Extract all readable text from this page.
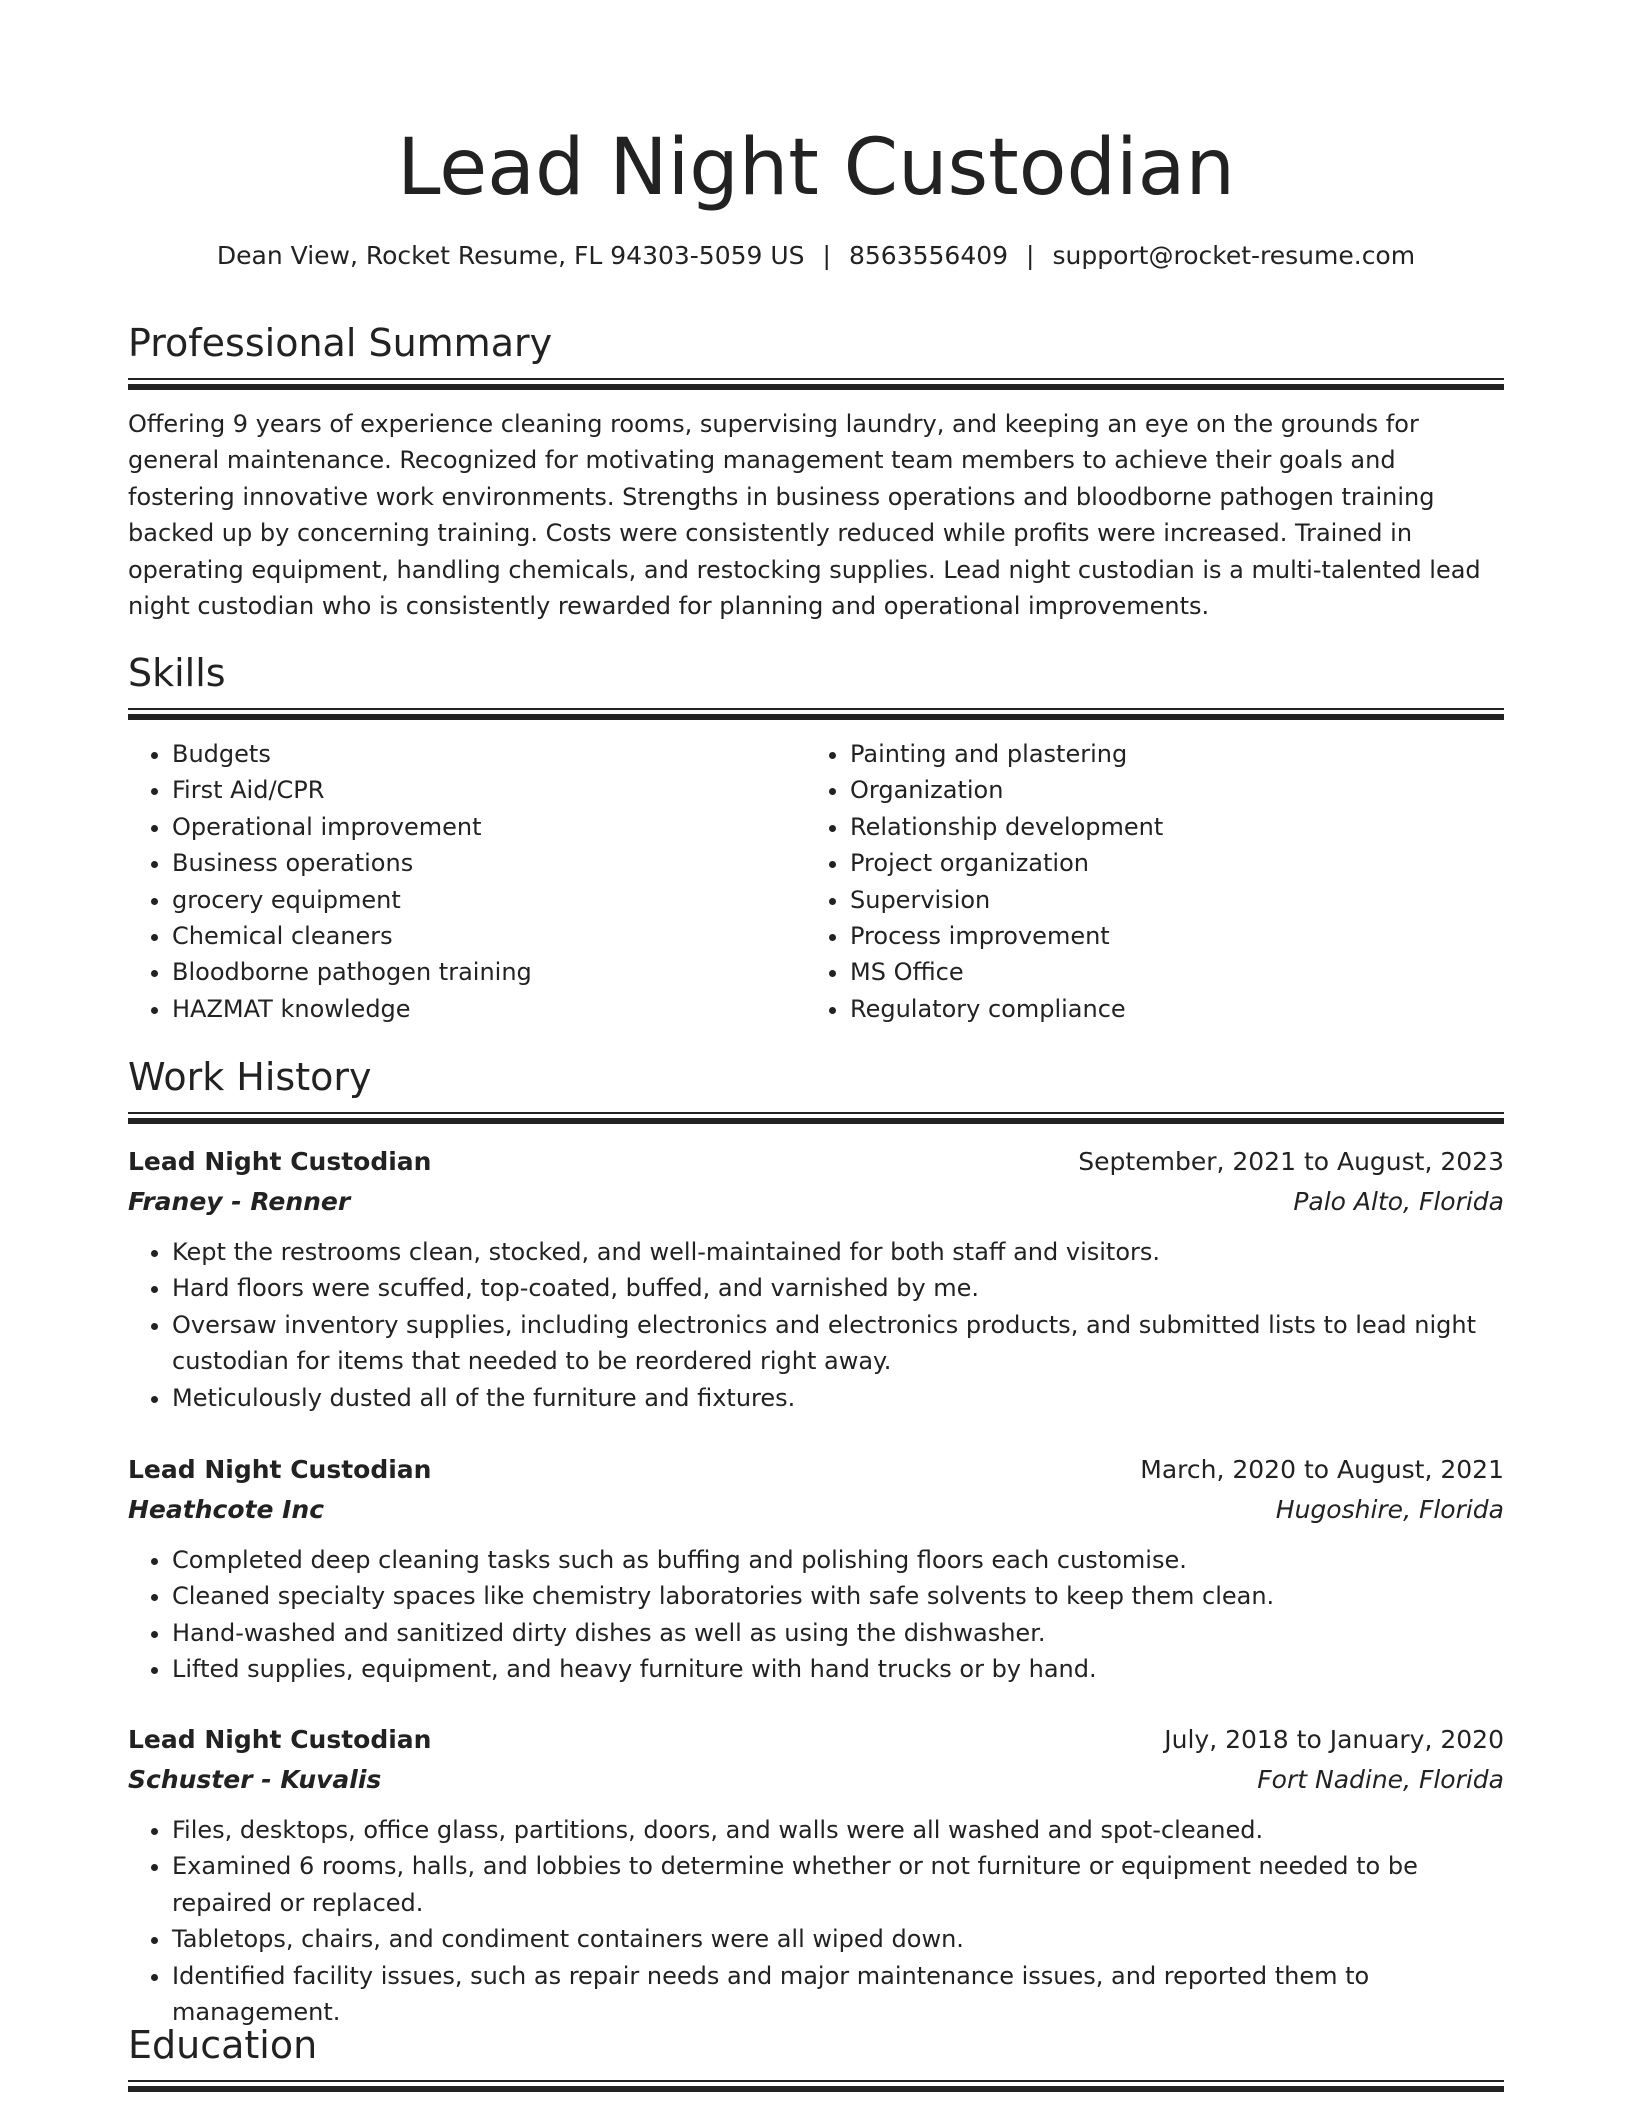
Lead Night Custodian
Dean View, Rocket Resume, FL 94303-5059 US | 8563556409 | support@rocket-resume.com
Professional Summary

Offering 9 years of experience cleaning rooms, supervising laundry, and keeping an eye on the grounds for general maintenance. Recognized for motivating management team members to achieve their goals and fostering innovative work environments. Strengths in business operations and bloodborne pathogen training backed up by concerning training. Costs were consistently reduced while profits were increased. Trained in operating equipment, handling chemicals, and restocking supplies. Lead night custodian is a multi-talented lead night custodian who is consistently rewarded for planning and operational improvements.

Skills
• Budgets
• First Aid/CPR
• Operational improvement
• Business operations
• grocery equipment
• Chemical cleaners
• Bloodborne pathogen training
• HAZMAT knowledge
• Painting and plastering
• Organization
• Relationship development
• Project organization
• Supervision
• Process improvement
• MS Office
• Regulatory compliance
Work History
Lead Night Custodian	September, 2021 to August, 2023
Franey - Renner	Palo Alto, Florida
• Kept the restrooms clean, stocked, and well-maintained for both staff and visitors.
• Hard floors were scuffed, top-coated, buffed, and varnished by me.
• Oversaw inventory supplies, including electronics and electronics products, and submitted lists to lead night custodian for items that needed to be reordered right away.
• Meticulously dusted all of the furniture and fixtures.
Lead Night Custodian	March, 2020 to August, 2021
Heathcote Inc	Hugoshire, Florida
• Completed deep cleaning tasks such as buffing and polishing floors each customise.
• Cleaned specialty spaces like chemistry laboratories with safe solvents to keep them clean.
• Hand-washed and sanitized dirty dishes as well as using the dishwasher.
• Lifted supplies, equipment, and heavy furniture with hand trucks or by hand.
Lead Night Custodian	July, 2018 to January, 2020
Schuster - Kuvalis	Fort Nadine, Florida
• Files, desktops, office glass, partitions, doors, and walls were all washed and spot-cleaned.
• Examined 6 rooms, halls, and lobbies to determine whether or not furniture or equipment needed to be repaired or replaced.
• Tabletops, chairs, and condiment containers were all wiped down.
• Identified facility issues, such as repair needs and major maintenance issues, and reported them to management.
Education
